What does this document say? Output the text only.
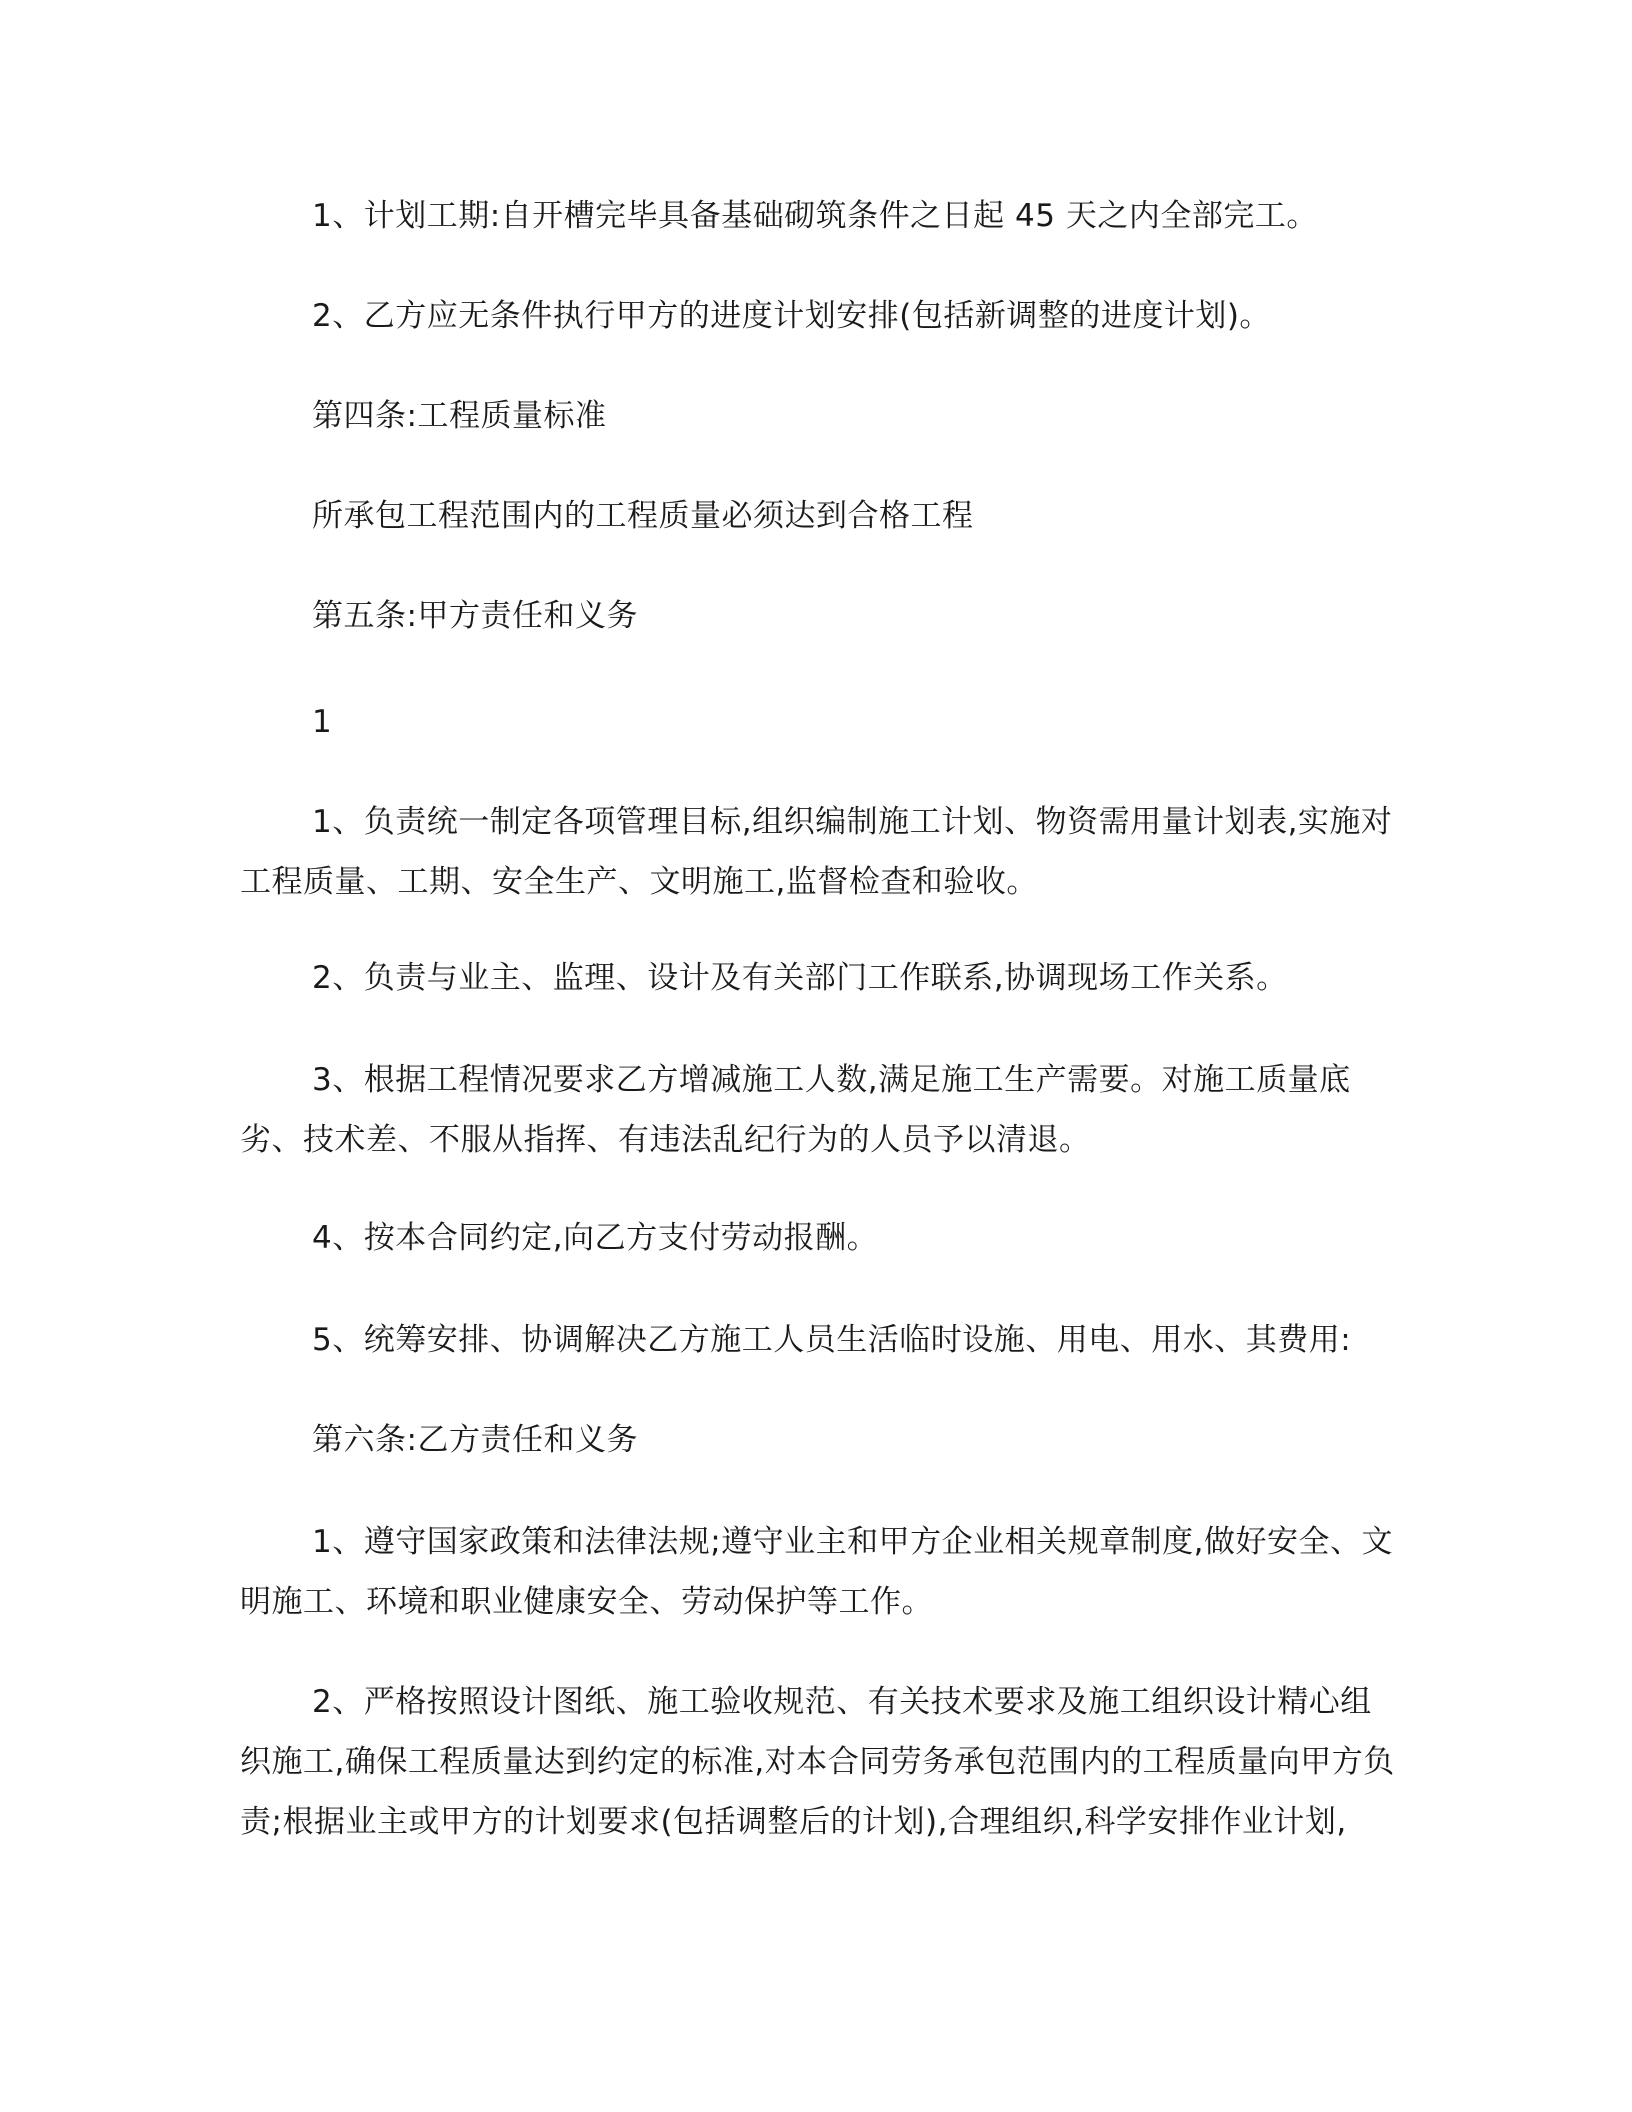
1、计划工期:自开槽完毕具备基础砌筑条件之日起 45 天之内全部完工。

2、乙方应无条件执行甲方的进度计划安排(包括新调整的进度计划)。

第四条:工程质量标准

所承包工程范围内的工程质量必须达到合格工程

第五条:甲方责任和义务

1

1、负责统一制定各项管理目标,组织编制施工计划、物资需用量计划表,实施对工程质量、工期、安全生产、文明施工,监督检查和验收。

2、负责与业主、监理、设计及有关部门工作联系,协调现场工作关系。

3、根据工程情况要求乙方增减施工人数,满足施工生产需要。对施工质量底劣、技术差、不服从指挥、有违法乱纪行为的人员予以清退。

4、按本合同约定,向乙方支付劳动报酬。

5、统筹安排、协调解决乙方施工人员生活临时设施、用电、用水、其费用:

第六条:乙方责任和义务

1、遵守国家政策和法律法规;遵守业主和甲方企业相关规章制度,做好安全、文明施工、环境和职业健康安全、劳动保护等工作。

2、严格按照设计图纸、施工验收规范、有关技术要求及施工组织设计精心组织施工,确保工程质量达到约定的标准,对本合同劳务承包范围内的工程质量向甲方负责;根据业主或甲方的计划要求(包括调整后的计划),合理组织,科学安排作业计划,
